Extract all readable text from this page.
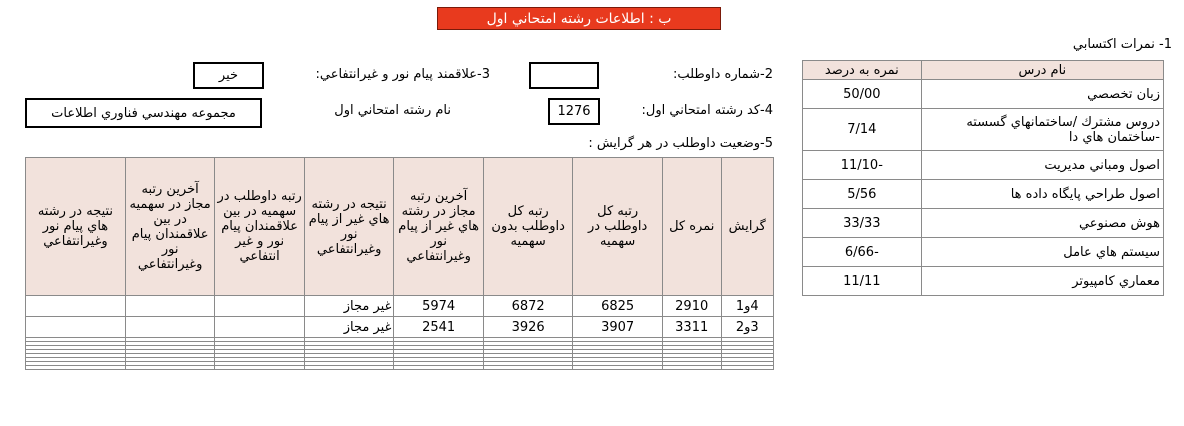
ب : اطلاعات رشته امتحاني اول
1- نمرات اكتسابي
نام درس	نمره به درصد
زبان تخصصي	50/00
دروس مشترك /ساختمانهاي گسسته -ساختمان هاي دا	7/14
اصول ومباني مديريت	-11/10
اصول طراحي پايگاه داده ها	5/56
هوش مصنوعي	33/33
سيستم هاي عامل	-6/66
معماري كامپيوتر	11/11
2-شماره داوطلب:
3-علاقمند پيام نور و غيرانتفاعي:
خير
4-كد رشته امتحاني اول:
1276
نام رشته امتحاني اول
مجموعه مهندسي فناوري اطلاعات
5-وضعيت داوطلب در هر گرايش :
گرايش	نمره كل	رتبه كل داوطلب در سهميه	رتبه كل داوطلب بدون سهميه	آخرين رتبه مجاز در رشته هاي غير از پيام نور وغيرانتفاعي	نتيجه در رشته هاي غير از پيام نور وغيرانتفاعي	رتبه داوطلب در سهميه در بين علاقمندان پيام نور و غير انتفاعي	آخرين رتبه مجاز در سهميه در بين علاقمندان پيام نور وغيرانتفاعي	نتيجه در رشته هاي پيام نور وغيرانتفاعي
4و1	2910	6825	6872	5974	غير مجاز			
3و2	3311	3907	3926	2541	غير مجاز			
